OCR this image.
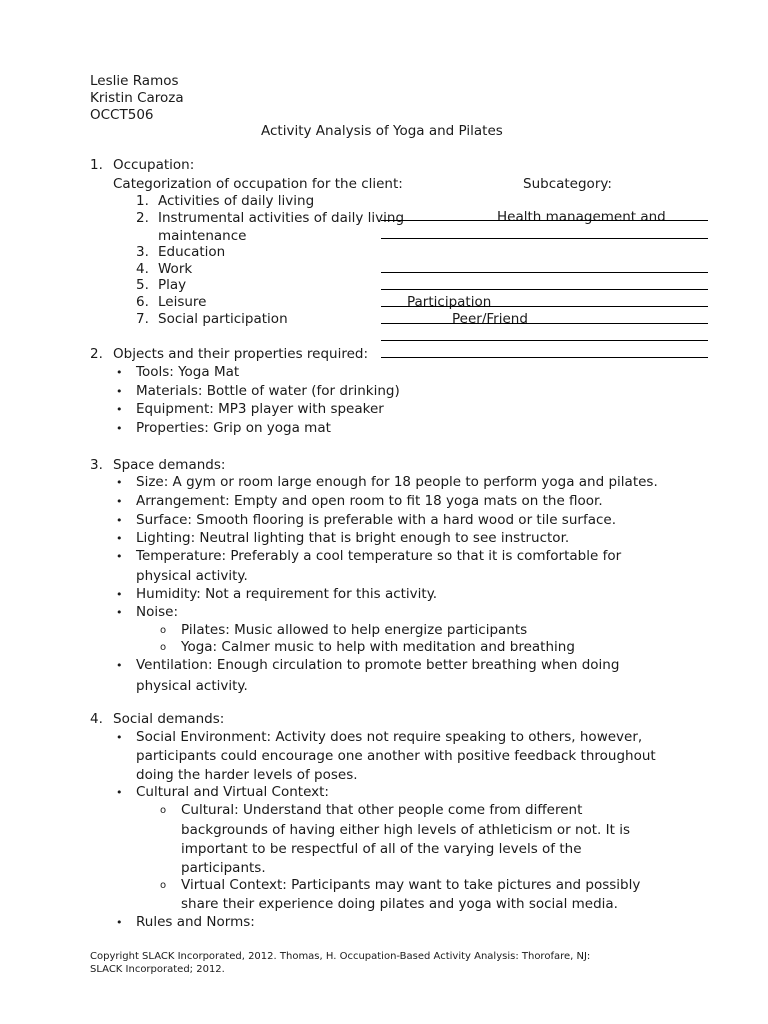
Leslie Ramos
Kristin Caroza
OCCT506
Activity Analysis of Yoga and Pilates
1. Occupation:
Categorization of occupation for the client:	Subcategory:
1. Activities of daily living
2. Instrumental activities of daily living
maintenance
3. Education
4. Work
5. Play
6. Leisure
7. Social participation
Health management and
Participation
Peer/Friend
2. Objects and their properties required:
• Tools: Yoga Mat
• Materials: Bottle of water (for drinking)
• Equipment: MP3 player with speaker
• Properties: Grip on yoga mat
3. Space demands:
• Size: A gym or room large enough for 18 people to perform yoga and pilates.
• Arrangement: Empty and open room to fit 18 yoga mats on the floor.
• Surface: Smooth flooring is preferable with a hard wood or tile surface.
• Lighting: Neutral lighting that is bright enough to see instructor.
• Temperature: Preferably a cool temperature so that it is comfortable for
physical activity.
• Humidity: Not a requirement for this activity.
• Noise:
o Pilates: Music allowed to help energize participants
o Yoga: Calmer music to help with meditation and breathing
• Ventilation: Enough circulation to promote better breathing when doing
physical activity.
4. Social demands:
• Social Environment: Activity does not require speaking to others, however,
participants could encourage one another with positive feedback throughout
doing the harder levels of poses.
• Cultural and Virtual Context:
o Cultural: Understand that other people come from different
backgrounds of having either high levels of athleticism or not. It is
important to be respectful of all of the varying levels of the
participants.
o Virtual Context: Participants may want to take pictures and possibly
share their experience doing pilates and yoga with social media.
• Rules and Norms:
Copyright SLACK Incorporated, 2012. Thomas, H. Occupation-Based Activity Analysis: Thorofare, NJ:
SLACK Incorporated; 2012.
